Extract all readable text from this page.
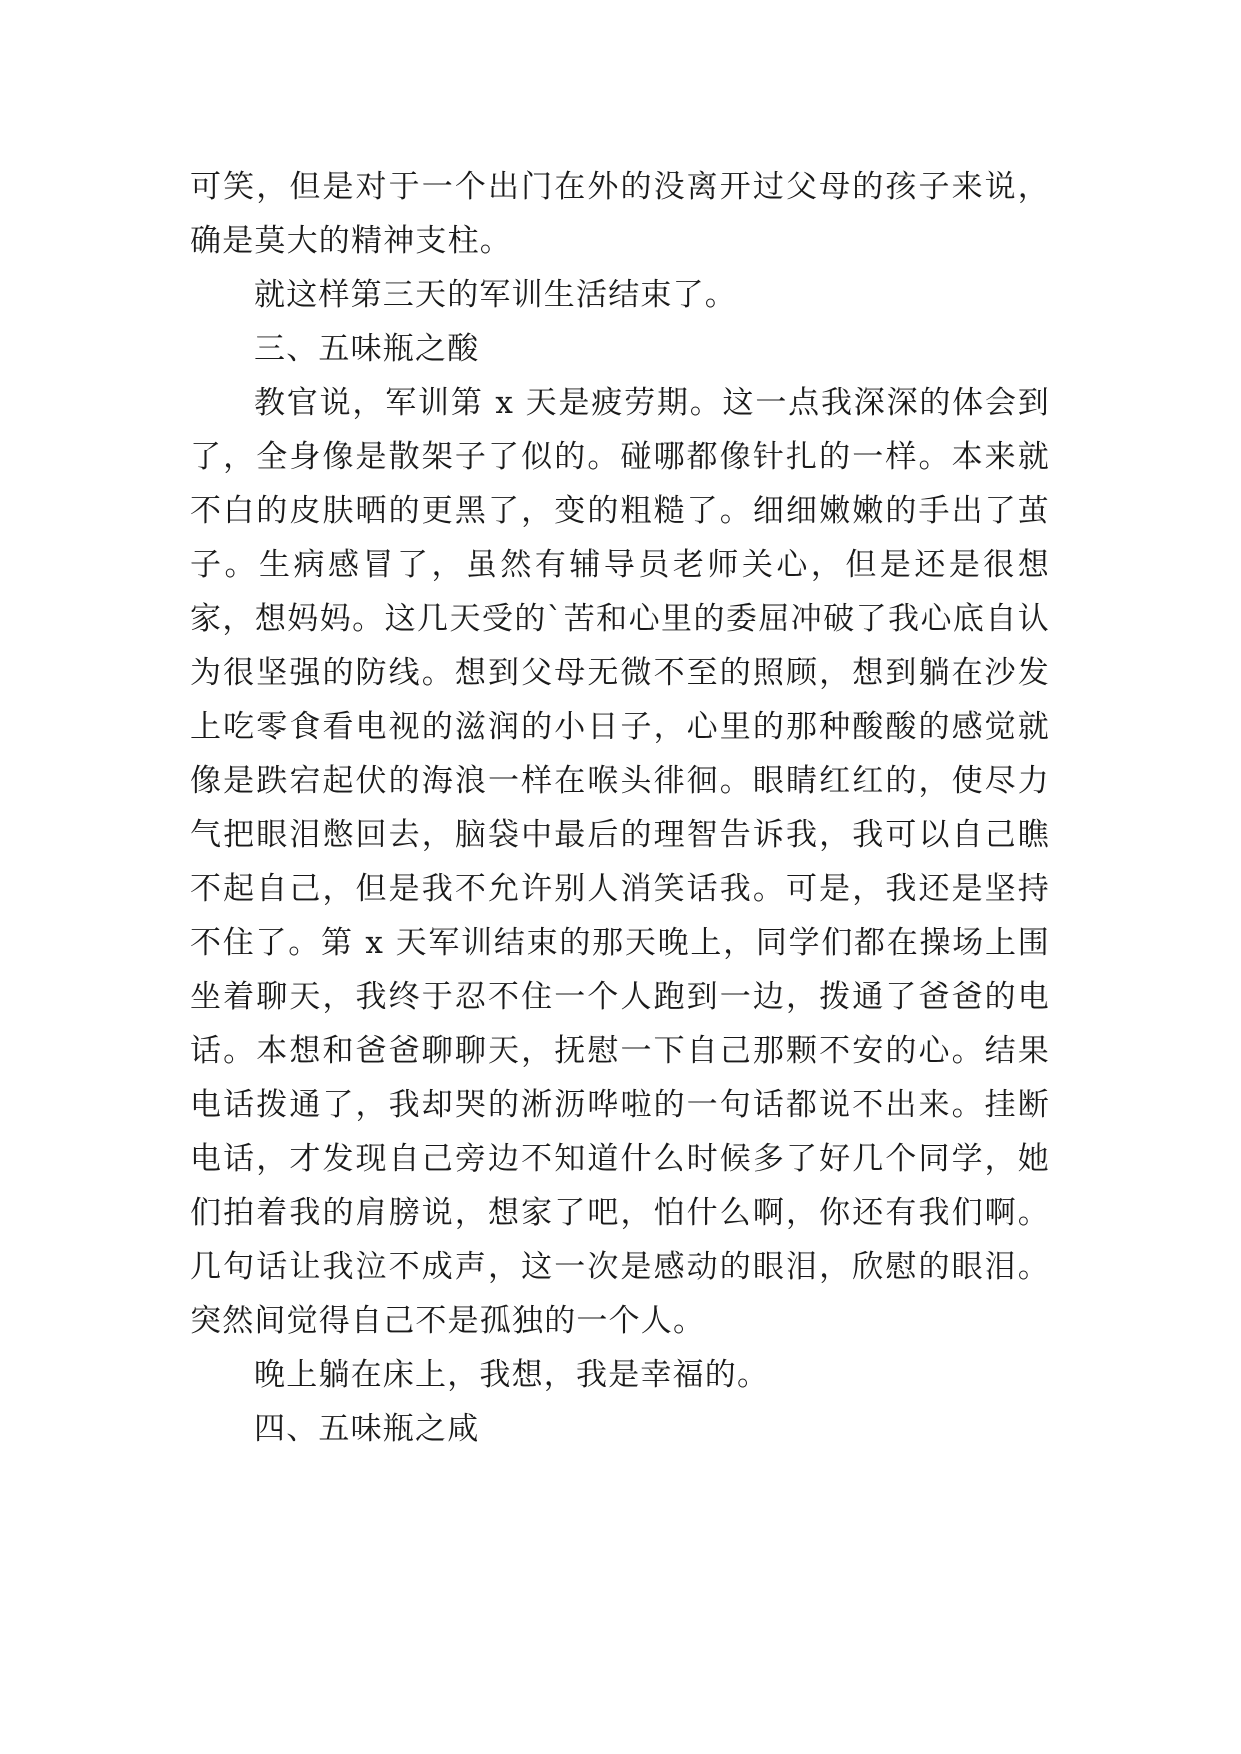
可笑，但是对于一个出门在外的没离开过父母的孩子来说，确是莫大的精神支柱。

就这样第三天的军训生活结束了。

三、五味瓶之酸

教官说，军训第 x 天是疲劳期。这一点我深深的体会到了，全身像是散架子了似的。碰哪都像针扎的一样。本来就不白的皮肤晒的更黑了，变的粗糙了。细细嫩嫩的手出了茧子。生病感冒了，虽然有辅导员老师关心，但是还是很想家，想妈妈。这几天受的`苦和心里的委屈冲破了我心底自认为很坚强的防线。想到父母无微不至的照顾，想到躺在沙发上吃零食看电视的滋润的小日子，心里的那种酸酸的感觉就像是跌宕起伏的海浪一样在喉头徘徊。眼睛红红的，使尽力气把眼泪憋回去，脑袋中最后的理智告诉我，我可以自己瞧不起自己，但是我不允许别人消笑话我。可是，我还是坚持不住了。第 x 天军训结束的那天晚上，同学们都在操场上围坐着聊天，我终于忍不住一个人跑到一边，拨通了爸爸的电话。本想和爸爸聊聊天，抚慰一下自己那颗不安的心。结果电话拨通了，我却哭的淅沥哗啦的一句话都说不出来。挂断电话，才发现自己旁边不知道什么时候多了好几个同学，她们拍着我的肩膀说，想家了吧，怕什么啊，你还有我们啊。几句话让我泣不成声，这一次是感动的眼泪，欣慰的眼泪。突然间觉得自己不是孤独的一个人。

晚上躺在床上，我想，我是幸福的。

四、五味瓶之咸
